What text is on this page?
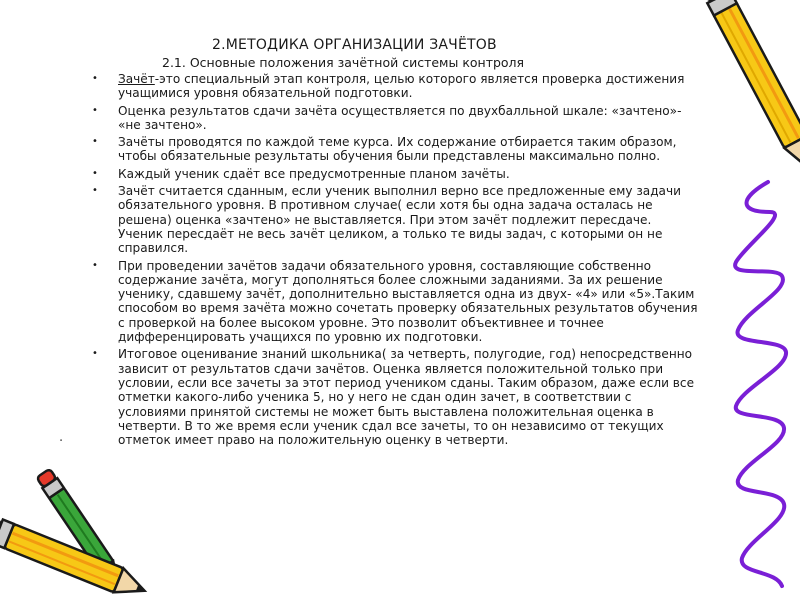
2.МЕТОДИКА ОРГАНИЗАЦИИ ЗАЧЁТОВ
2.1. Основные положения зачётной системы контроля
• Зачёт-это специальный этап контроля, целью которого является проверка достижения учащимися уровня обязательной подготовки.
• Оценка результатов сдачи зачёта осуществляется по двухбалльной шкале: «зачтено»- «не зачтено».
• Зачёты проводятся по каждой теме курса. Их содержание отбирается таким образом, чтобы обязательные результаты обучения были представлены максимально полно.
• Каждый ученик сдаёт все предусмотренные планом зачёты.
• Зачёт считается сданным, если ученик выполнил верно все предложенные ему задачи обязательного уровня. В противном случае( если хотя бы одна задача осталась не решена) оценка «зачтено» не выставляется. При этом зачёт подлежит пересдаче. Ученик пересдаёт не весь зачёт целиком, а только те виды задач, с которыми он не справился.
• При проведении зачётов задачи обязательного уровня, составляющие собственно содержание зачёта, могут дополняться более сложными заданиями. За их решение ученику, сдавшему зачёт, дополнительно выставляется одна из двух- «4» или «5».Таким способом во время зачёта можно сочетать проверку обязательных результатов обучения с проверкой на более высоком уровне. Это позволит объективнее и точнее дифференцировать учащихся по уровню их подготовки.
• Итоговое оценивание знаний школьника( за четверть, полугодие, год) непосредственно зависит от результатов сдачи зачётов. Оценка является положительной только при условии, если все зачеты за этот период учеником сданы. Таким образом, даже если все отметки какого-либо ученика 5, но у него не сдан один зачет, в соответствии с условиями принятой системы не может быть выставлена положительная оценка в четверти. В то же время если ученик сдал все зачеты, то он независимо от текущих отметок имеет право на положительную оценку в четверти.
·
